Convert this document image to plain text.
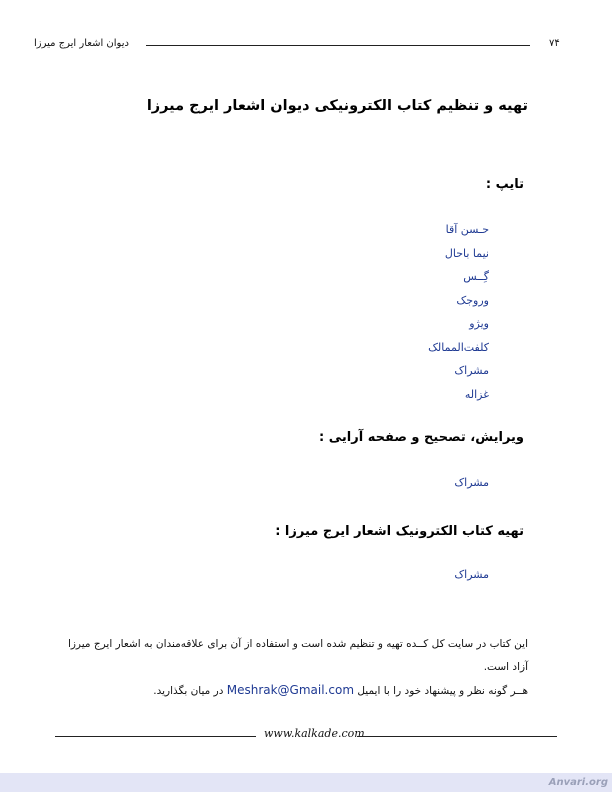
۷۴
دیوان اشعار ایرج میرزا
تهیه و تنظیم کتاب الکترونیکی دیوان اشعار ایرج میرزا
تایپ :
حـسن آقا
نیما باحال
گِــس
وروجک
ویژو
کلفت‌الممالک
مشراک
غزاله
ویرایش، تصحیح و صفحه آرایی :
مشراک
تهیه کتاب الکترونیک اشعار ایرج میرزا :
مشراک
این کتاب در سایت کل کــده تهیه و تنظیم شده است و استفاده از آن برای علاقه‌مندان به اشعار ایرج میرزا
آزاد است.
هــر گونه نظر و پیشنهاد خود را با ایمیل Meshrak@Gmail.com در میان بگذارید.
www.kalkade.com
Anvari.org
